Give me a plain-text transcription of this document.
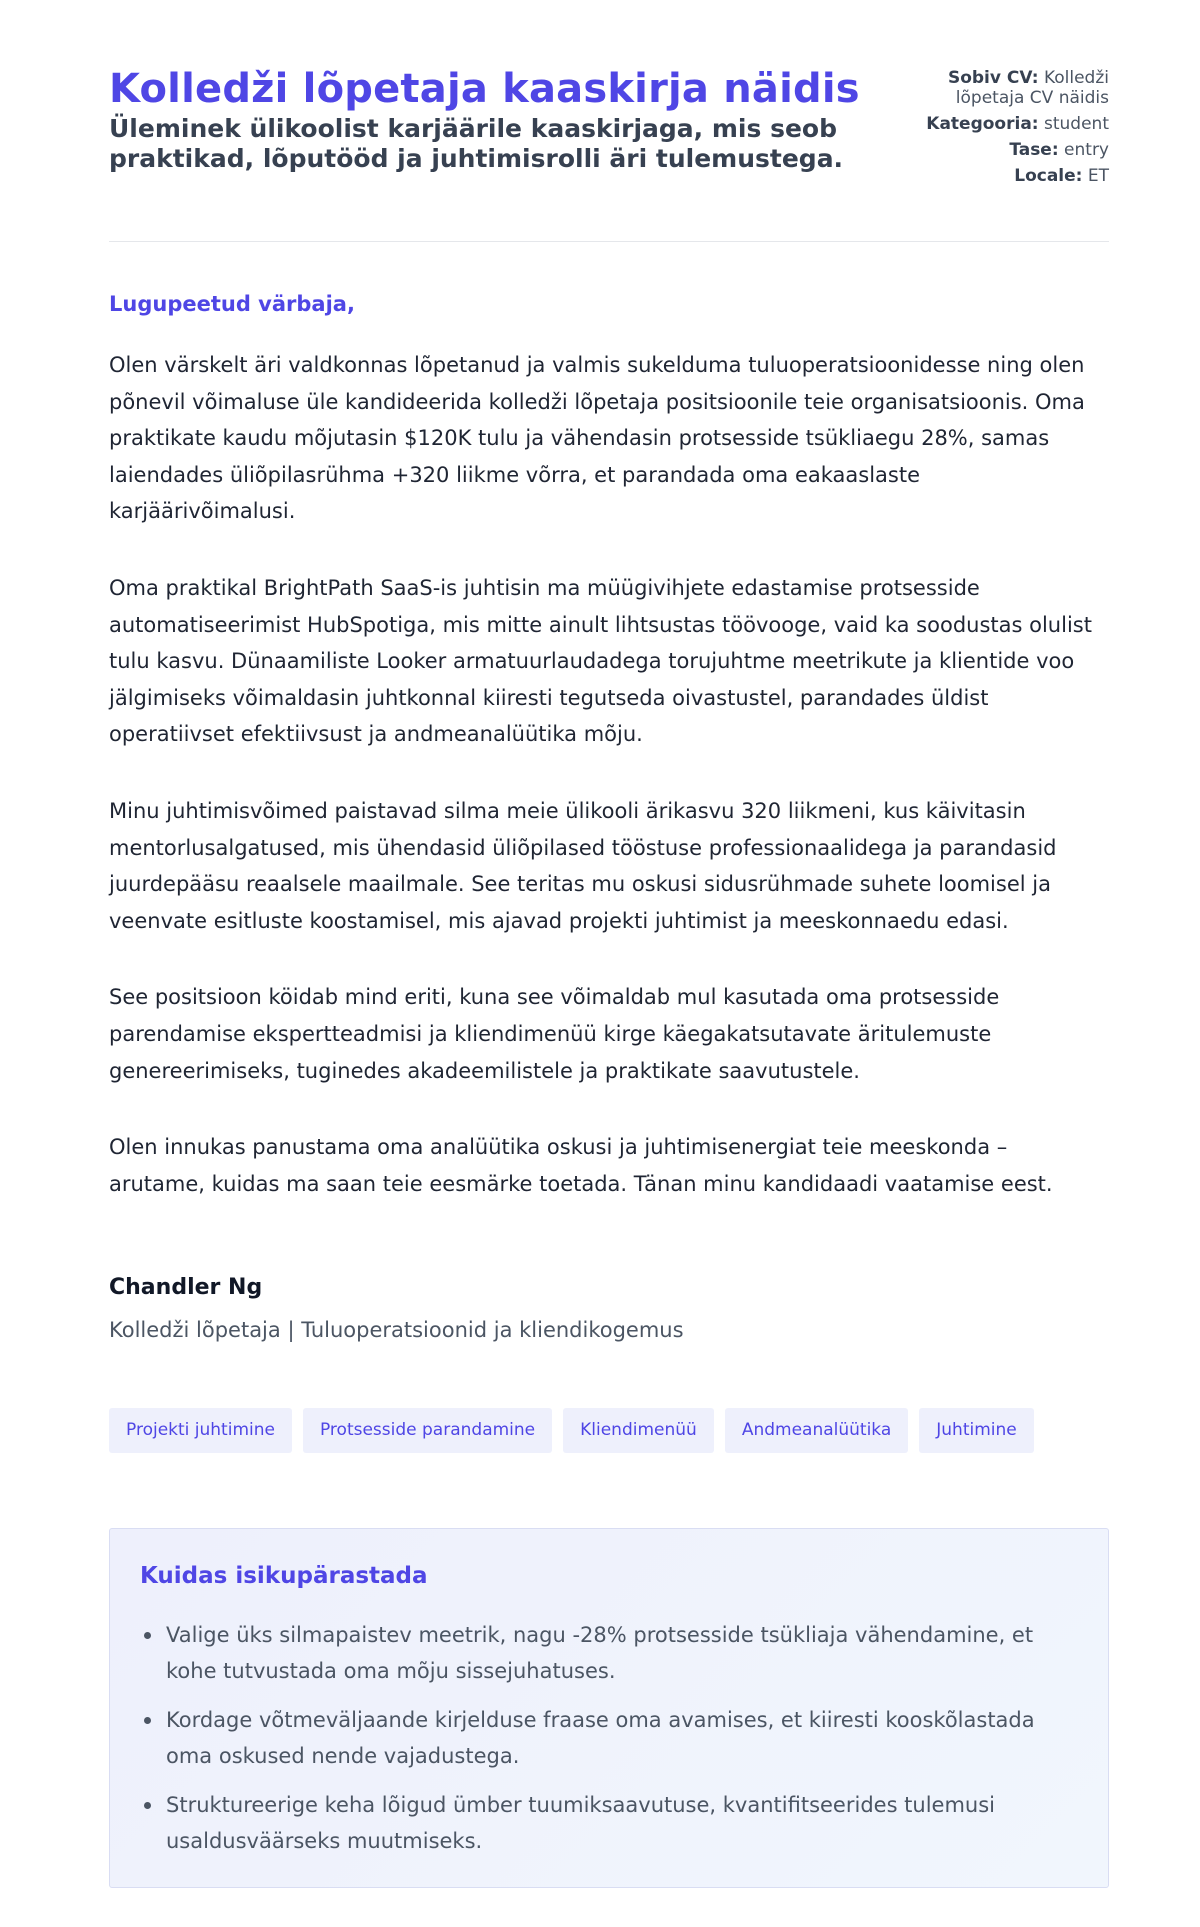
Kolledži lõpetaja kaaskirja näidis
Üleminek ülikoolist karjäärile kaaskirjaga, mis seob praktikad, lõputööd ja juhtimisrolli äri tulemustega.
Sobiv CV: Kolledži lõpetaja CV näidis
Kategooria: student
Tase: entry
Locale: ET
Lugupeetud värbaja,

Olen värskelt äri valdkonnas lõpetanud ja valmis sukelduma tuluoperatsioonidesse ning olen põnevil võimaluse üle kandideerida kolledži lõpetaja positsioonile teie organisatsioonis. Oma praktikate kaudu mõjutasin $120K tulu ja vähendasin protsesside tsükliaegu 28%, samas laiendades üliõpilasrühma +320 liikme võrra, et parandada oma eakaaslaste karjäärivõimalusi.

Oma praktikal BrightPath SaaS-is juhtisin ma müügivihjete edastamise protsesside automatiseerimist HubSpotiga, mis mitte ainult lihtsustas töövooge, vaid ka soodustas olulist tulu kasvu. Dünaamiliste Looker armatuurlaudadega torujuhtme meetrikute ja klientide voo jälgimiseks võimaldasin juhtkonnal kiiresti tegutseda oivastustel, parandades üldist operatiivset efektiivsust ja andmeanalüütika mõju.

Minu juhtimisvõimed paistavad silma meie ülikooli ärikasvu 320 liikmeni, kus käivitasin mentorlusalgatused, mis ühendasid üliõpilased tööstuse professionaalidega ja parandasid juurdepääsu reaalsele maailmale. See teritas mu oskusi sidusrühmade suhete loomisel ja veenvate esitluste koostamisel, mis ajavad projekti juhtimist ja meeskonnaedu edasi.

See positsioon köidab mind eriti, kuna see võimaldab mul kasutada oma protsesside parendamise ekspertteadmisi ja kliendimenüü kirge käegakatsutavate äritulemuste genereerimiseks, tuginedes akadeemilistele ja praktikate saavutustele.

Olen innukas panustama oma analüütika oskusi ja juhtimisenergiat teie meeskonda – arutame, kuidas ma saan teie eesmärke toetada. Tänan minu kandidaadi vaatamise eest.

Chandler Ng
Kolledži lõpetaja | Tuluoperatsioonid ja kliendikogemus
Projekti juhtimine	Protsesside parandamine	Kliendimenüü	Andmeanalüütika	Juhtimine
Kuidas isikupärastada
Valige üks silmapaistev meetrik, nagu -28% protsesside tsükliaja vähendamine, et kohe tutvustada oma mõju sissejuhatuses.
Kordage võtmeväljaande kirjelduse fraase oma avamises, et kiiresti kooskõlastada oma oskused nende vajadustega.
Struktureerige keha lõigud ümber tuumiksaavutuse, kvantifitseerides tulemusi usaldusväärseks muutmiseks.
